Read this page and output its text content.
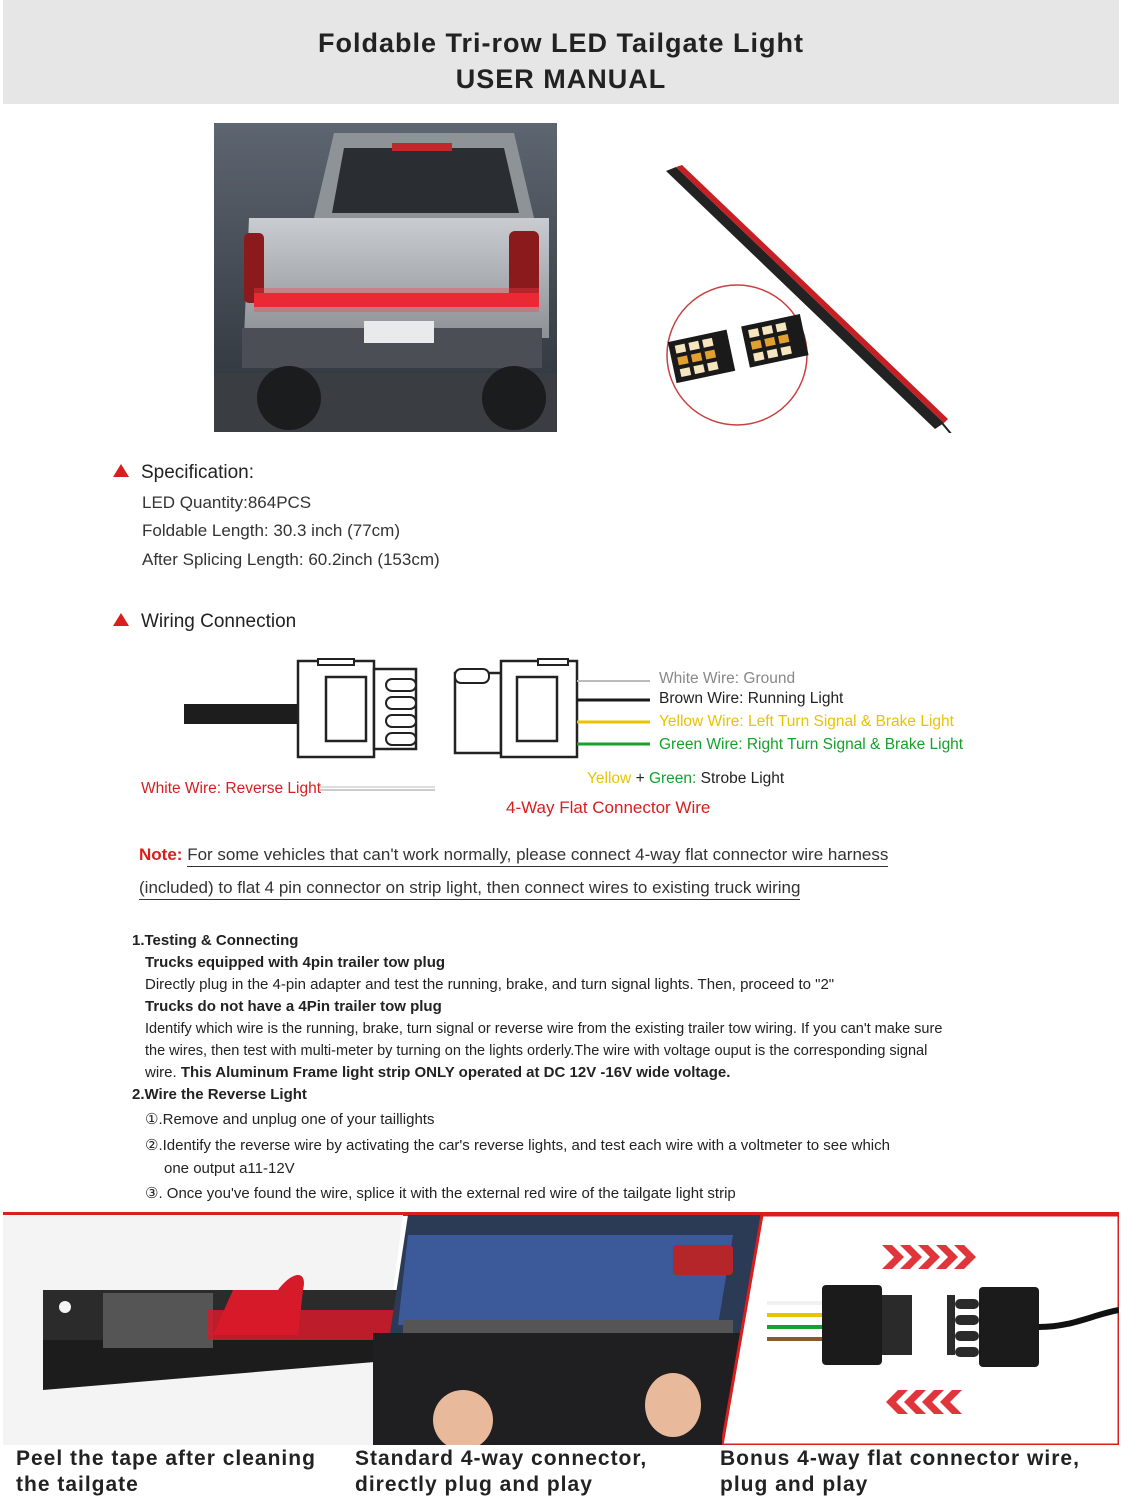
Foldable Tri-row LED Tailgate Light
USER MANUAL
Specification:
LED Quantity:864PCS
Foldable Length: 30.3 inch (77cm)
After Splicing Length: 60.2inch (153cm)
Wiring Connection
White Wire: Ground
Brown Wire: Running Light
Yellow Wire: Left Turn Signal & Brake Light
Green Wire: Right Turn Signal & Brake Light
Yellow + Green: Strobe Light
White Wire: Reverse Light
4-Way Flat Connector Wire
Note: For some vehicles that can't work normally, please connect 4-way flat connector wire harness
(included) to flat 4 pin connector on strip light, then connect wires to existing truck wiring
1.Testing & Connecting
Trucks equipped with 4pin trailer tow plug
Directly plug in the 4-pin adapter and test the running, brake, and turn signal lights. Then, proceed to "2"
Trucks do not have a 4Pin trailer tow plug
Identify which wire is the running, brake, turn signal or reverse wire from the existing trailer tow wiring. If you can't make sure
the wires, then test with multi-meter by turning on the lights orderly.The wire with voltage ouput is the corresponding signal
wire. This Aluminum Frame light strip ONLY operated at DC 12V -16V wide voltage.
2.Wire the Reverse Light
①.Remove and unplug one of your taillights
②.Identify the reverse wire by activating the car's reverse lights, and test each wire with a voltmeter to see which
one output a11-12V
③. Once you've found the wire, splice it with the external red wire of the tailgate light strip
Peel the tape after cleaning
the tailgate
Standard 4-way connector,
directly plug and play
Bonus 4-way flat connector wire,
plug and play
